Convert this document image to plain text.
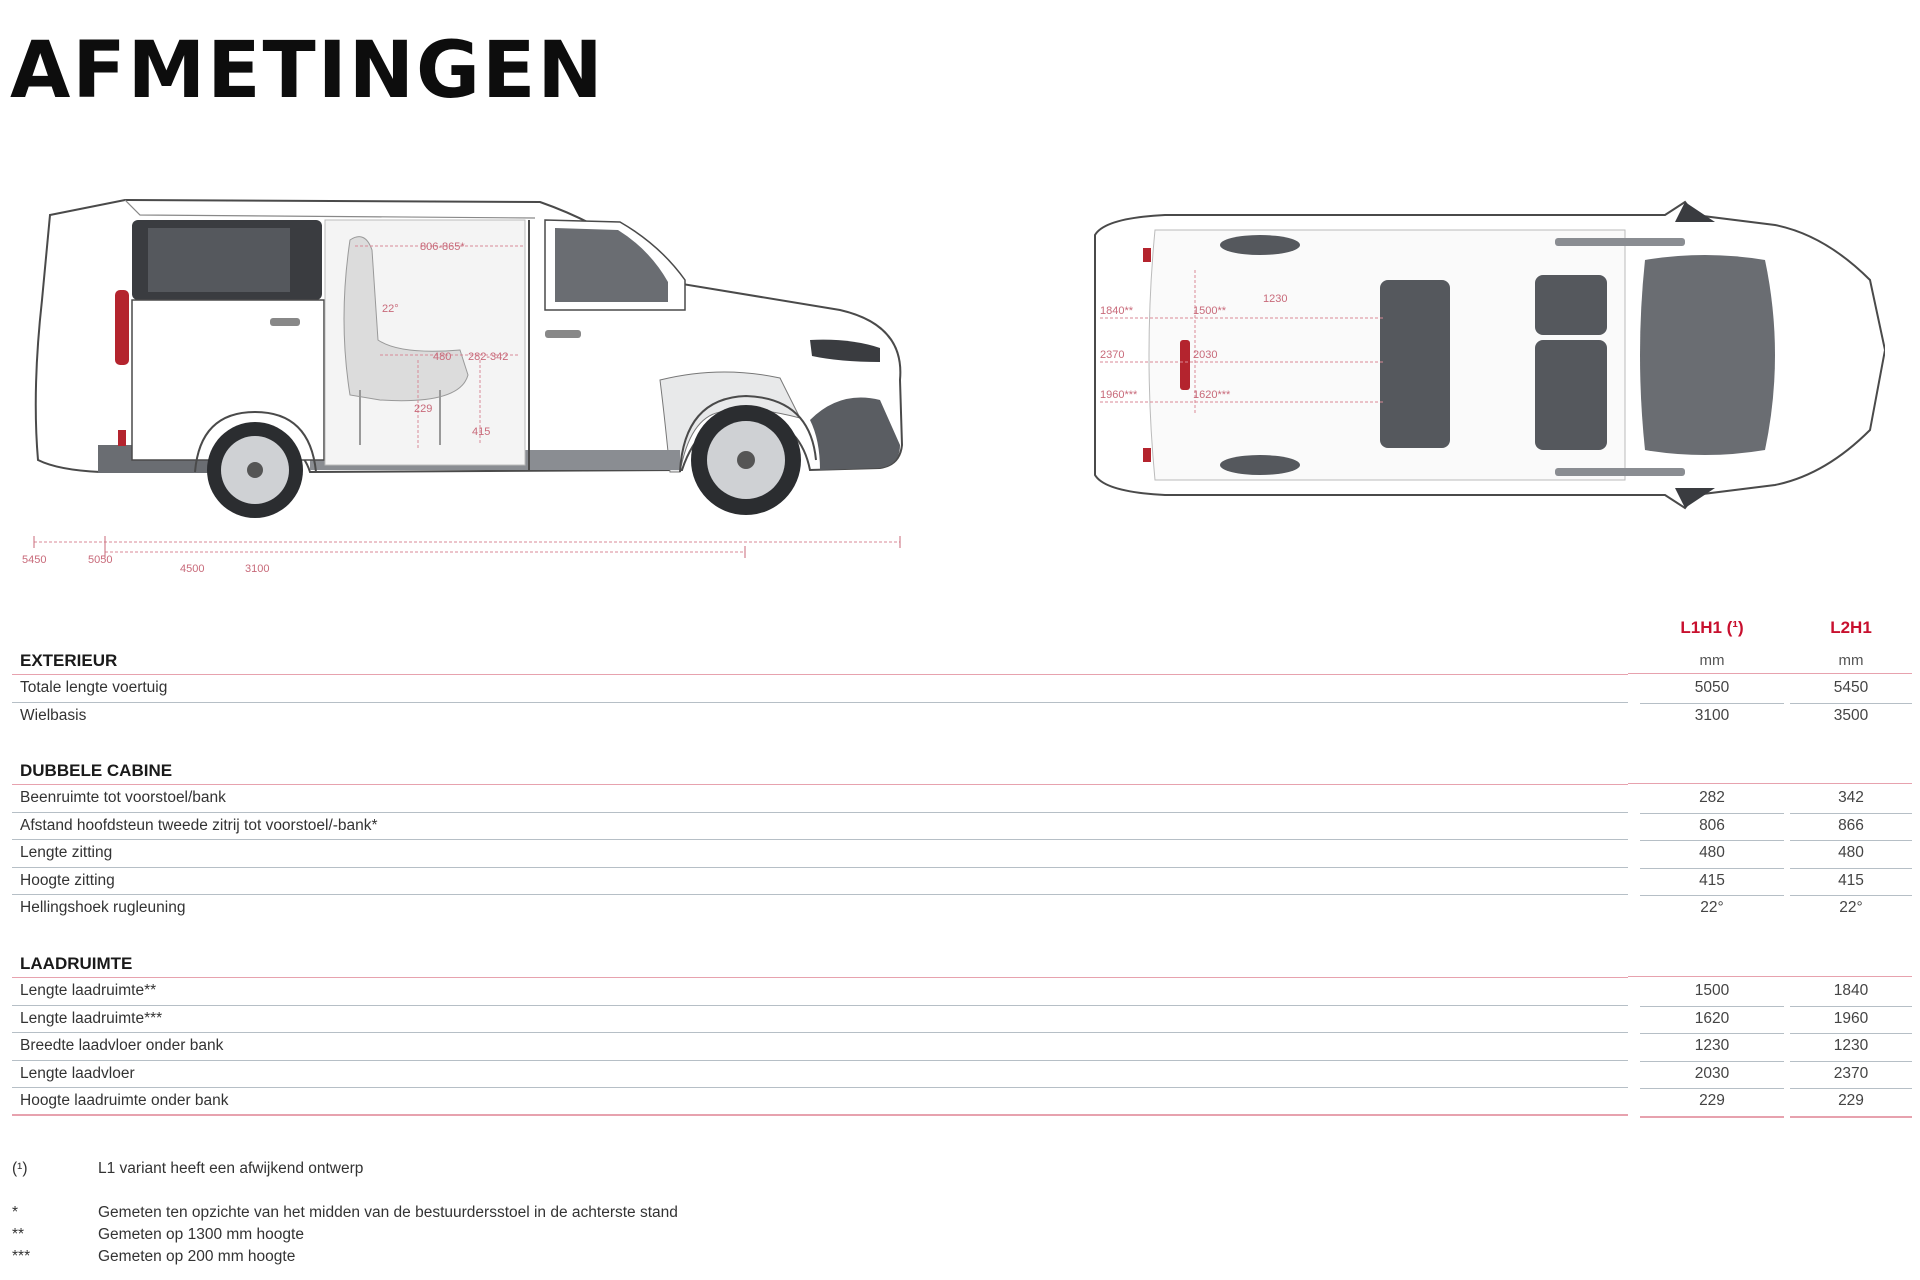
AFMETINGEN
806-865*
22°
480 282-342
229
415
5450	5050
4500	3100
1840**	1500**
1230
2370	2030
1960***	1620***
L1H1 (¹)	L2H1
mm	mm
EXTERIEUR
Totale lengte voertuig	5050	5450
Wielbasis	3100	3500
DUBBELE CABINE
Beenruimte tot voorstoel/bank	282	342
Afstand hoofdsteun tweede zitrij tot voorstoel/-bank*	806	866
Lengte zitting	480	480
Hoogte zitting	415	415
Hellingshoek rugleuning	22°	22°
LAADRUIMTE
Lengte laadruimte**	1500	1840
Lengte laadruimte***	1620	1960
Breedte laadvloer onder bank	1230	1230
Lengte laadvloer	2030	2370
Hoogte laadruimte onder bank	229	229
(¹)	L1 variant heeft een afwijkend ontwerp
*	Gemeten ten opzichte van het midden van de bestuurdersstoel in de achterste stand
**	Gemeten op 1300 mm hoogte
***	Gemeten op 200 mm hoogte
